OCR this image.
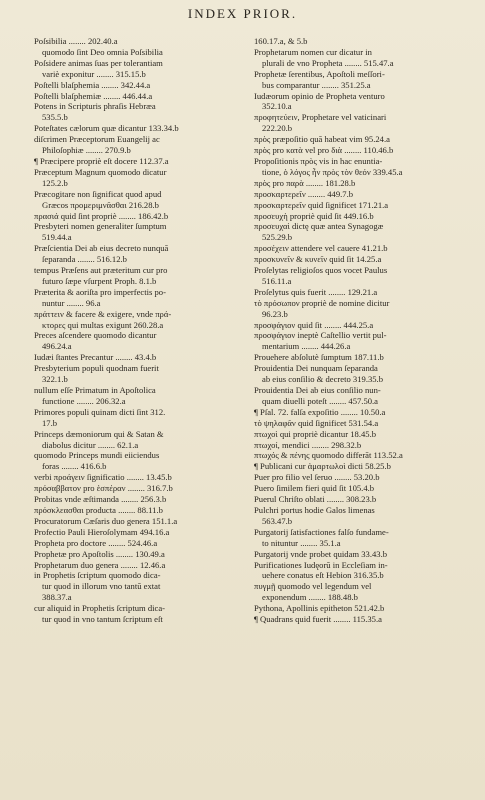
INDEX PRIOR.
Poſsibilia ........ 202.40.a
quomodo ſint Deo omnia Poſsibilia
Poſsidere animas ſuas per tolerantiam
variè exponitur ........ 315.15.b
Poſtelli blaſphemia ........ 342.44.a
Poſtelli blaſphemiæ ........ 446.44.a
Potens in Scripturis phraſis Hebræa
535.5.b
Poteſtates cælorum quæ dicantur 133.34.b
diſcrimen Præceptorum Euangelij ac
Philoſophiæ ........ 270.9.b
¶ Præcipere propriè eſt docere 112.37.a
Præceptum Magnum quomodo dicatur
125.2.b
Præcogitare non ſignificat quod apud
Græcos προμεριμνᾶσθαι 216.28.b
πρασιά quid ſint propriè ........ 186.42.b
Presbyteri nomen generaliter ſumptum
519.44.a
Præſcientia Dei ab eius decreto nunquā
ſeparanda ........ 516.12.b
tempus Præſens aut præteritum cur pro
futuro ſæpe vſurpent Proph. 8.1.b
Præterita & aoriſta pro imperfectis po-
nuntur ........ 96.a
πράττειν & facere & exigere, vnde πρά-
κτορες qui multas exigunt 260.28.a
Preces aſcendere quomodo dicantur
496.24.a
Iudæi ſtantes Precantur ........ 43.4.b
Presbyterium populi quodnam fuerit
322.1.b
nullum eſſe Primatum in Apoſtolica
functione ........ 206.32.a
Primores populi quinam dicti ſint 312.
17.b
Princeps dæmoniorum qui & Satan &
diabolus dicitur ........ 62.1.a
quomodo Princeps mundi eiiciendus
foras ........ 416.6.b
verbi προάγειν ſignificatio ........ 13.45.b
πρόσαββατον pro ἑσπέραν ........ 316.7.b
Probitas vnde æſtimanda ........ 256.3.b
πρόσκλεασθαι producta ........ 88.11.b
Procuratorum Cæſaris duo genera 151.1.a
Profectio Pauli Hieroſolymam 494.16.a
Propheta pro doctore ........ 524.46.a
Prophetæ pro Apoſtolis ........ 130.49.a
Prophetarum duo genera ........ 12.46.a
in Prophetis ſcriptum quomodo dica-
tur quod in illorum vno tantū extat
388.37.a
cur aliquid in Prophetis ſcriptum dica-
tur quod in vno tantum ſcriptum eſt
160.17.a, & 5.b
Prophetarum nomen cur dicatur in
plurali de vno Propheta ........ 515.47.a
Prophetæ ſerentibus, Apoſtoli meſſori-
bus comparantur ........ 351.25.a
Iudæorum opinio de Propheta venturo
352.10.a
προφητεύειν, Prophetare vel vaticinari
222.20.b
πρὸς præpoſitio quā habeat vim 95.24.a
πρὸς pro κατὰ vel pro διὰ ........ 110.46.b
Propoſitionis πρὸς vis in hac enuntia-
tione, ὁ λόγος ἦν πρὸς τὸν θεόν 339.45.a
πρὸς pro παρὰ ........ 181.28.b
προσκαρτερεῖν ........ 449.7.b
προσκαρτερεῖν quid ſignificet 171.21.a
προσευχὴ propriè quid ſit 449.16.b
προσευχαὶ dictę quæ antea Synagogæ
525.29.b
προσέχειν attendere vel cauere 41.21.b
προσκυνεῖν & κυνεῖν quid ſit 14.25.a
Proſelytas religioſos quos vocet Paulus
516.11.a
Proſelytus quis fuerit ........ 129.21.a
τὸ πρόσωπον propriè de nomine dicitur
96.23.b
προσφάγιον quid ſit ........ 444.25.a
προσφάγιον ineptè Caſtellio vertit pul-
mentarium ........ 444.26.a
Prouehere abſolutè ſumptum 187.11.b
Prouidentia Dei nunquam ſeparanda
ab eius conſilio & decreto 319.35.b
Prouidentia Dei ab eius conſilio nun-
quam diuelli poteſt ........ 457.50.a
¶ Pſal. 72. falſa expoſitio ........ 10.50.a
τὸ ψηλαφᾶν quid ſignificet 531.54.a
πτωχοὶ qui propriè dicantur 18.45.b
πτωχοί, mendici ........ 298.32.b
πτωχός & πένης quomodo differāt 113.52.a
¶ Publicani cur ἁμαρτωλοὶ dicti 58.25.b
Puer pro filio vel ſeruo ........ 53.20.b
Puero ſimilem fieri quid ſit 105.4.b
Puerul Chriſto oblati ........ 308.23.b
Pulchri portus hodie Galos limenas
563.47.b
Purgatorij ſatisfactiones falſo fundame-
to nituntur ........ 35.1.a
Purgatorij vnde probet quidam 33.43.b
Purificationes Iudęorū in Eccleſiam in-
uehere conatus eſt Hebion 316.35.b
πυγμῇ quomodo vel legendum vel
exponendum ........ 188.48.b
Pythona, Apollinis epitheton 521.42.b
¶ Quadrans quid fuerit ........ 115.35.a
